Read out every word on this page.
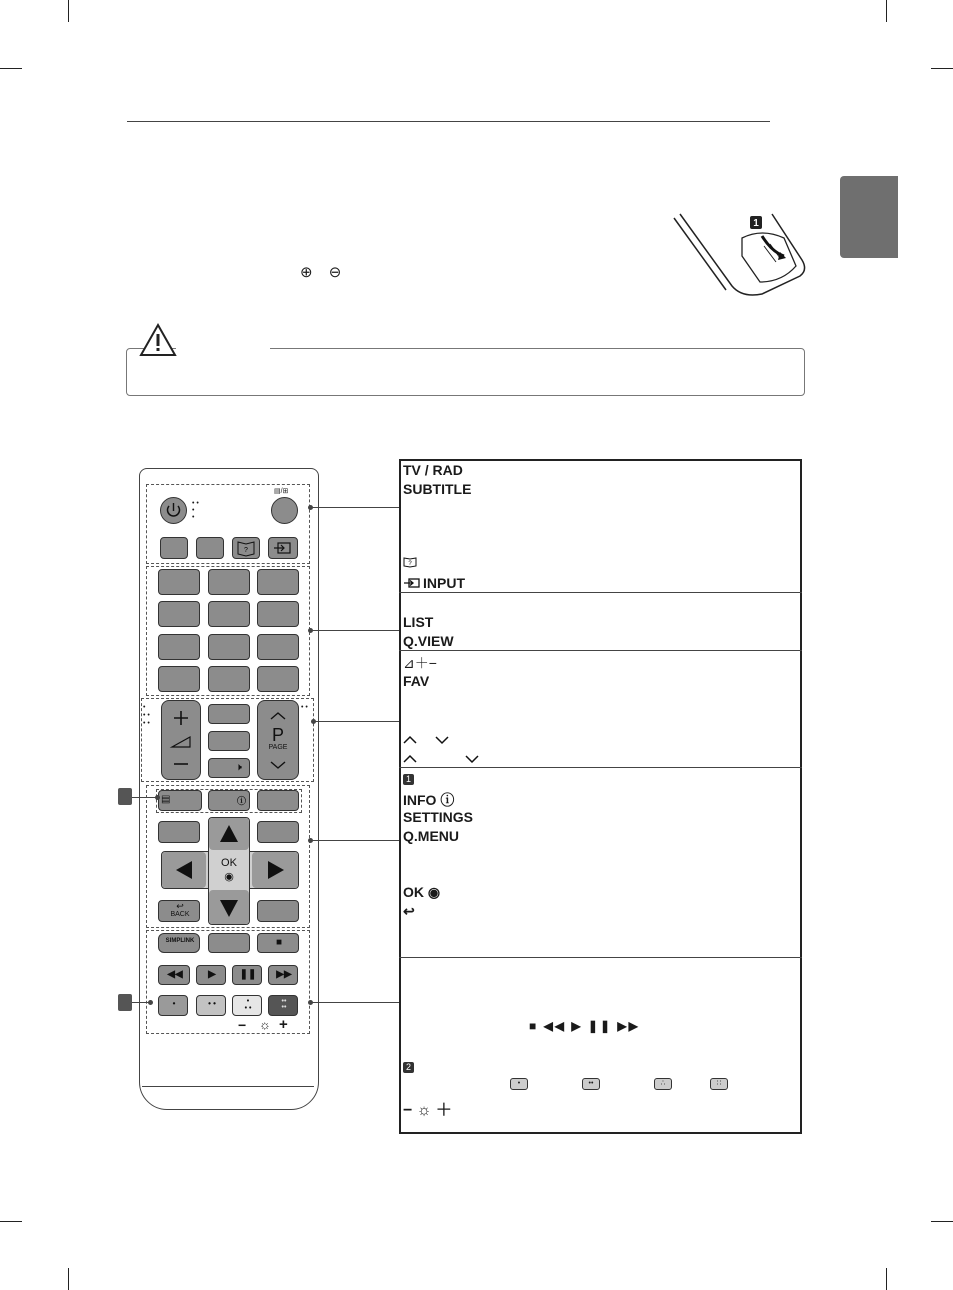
⊕ ⊖
1
• •
•
•
▤/⊞
?
•
• •
• •
• •
🕨
P
PAGE
▤	ⓘ
OK
◉
↩
BACK
SIMPLINK	■
◀◀	▶	❚❚	▶▶
•	• •	•
• •
••
••
− ☼ +
TV / RAD
SUBTITLE
?
INPUT
LIST
Q.VIEW
⊿＋−
FAV
1
INFO ⓘ
SETTINGS
Q.MENU
OK ◉
↩
■ ◀◀ ▶ ❚❚ ▶▶
2
•	••	∴	∷
− ☼ ＋
